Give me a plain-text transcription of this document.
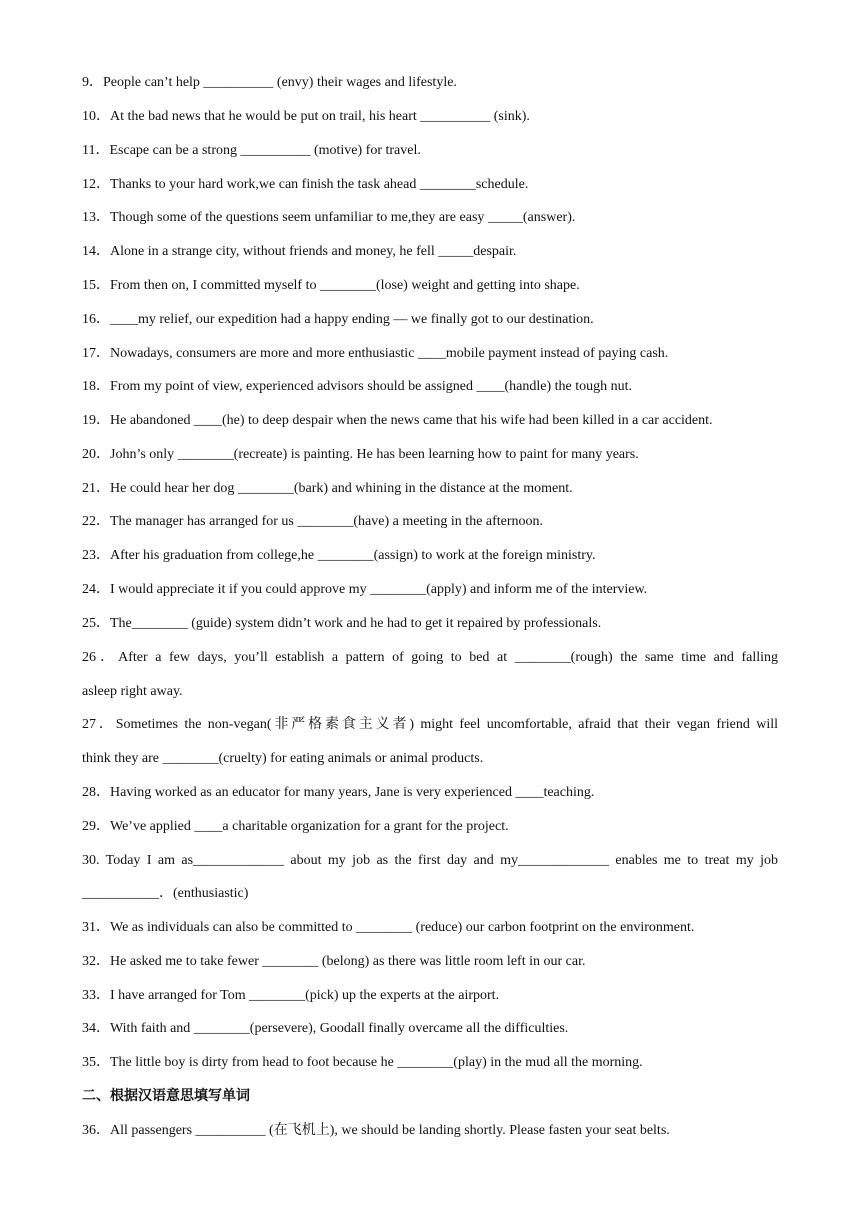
9．People can’t help __________ (envy) their wages and lifestyle.
10．At the bad news that he would be put on trail, his heart __________ (sink).
11．Escape can be a strong __________ (motive) for travel.
12．Thanks to your hard work,we can finish the task ahead ________schedule.
13．Though some of the questions seem unfamiliar to me,they are easy _____(answer).
14．Alone in a strange city, without friends and money, he fell _____despair.
15．From then on, I committed myself to ________(lose) weight and getting into shape.
16．____my relief, our expedition had a happy ending — we finally got to our destination.
17．Nowadays, consumers are more and more enthusiastic ____mobile payment instead of paying cash.
18．From my point of view, experienced advisors should be assigned ____(handle) the tough nut.
19．He abandoned ____(he) to deep despair when the news came that his wife had been killed in a car accident.
20．John’s only ________(recreate) is painting. He has been learning how to paint for many years.
21．He could hear her dog ________(bark) and whining in the distance at the moment.
22．The manager has arranged for us ________(have) a meeting in the afternoon.
23．After his graduation from college,he ________(assign) to work at the foreign ministry.
24．I would appreciate it if you could approve my ________(apply) and inform me of the interview.
25．The________ (guide) system didn’t work and he had to get it repaired by professionals.
26．After a few days, you’ll establish a pattern of going to bed at ________(rough) the same time and falling
asleep right away.
27．Sometimes the non-vegan(非严格素食主义者) might feel uncomfortable, afraid that their vegan friend will
think they are ________(cruelty) for eating animals or animal products.
28．Having worked as an educator for many years, Jane is very experienced ____teaching.
29．We’ve applied ____a charitable organization for a grant for the project.
30. Today I am as_____________ about my job as the first day and my_____________ enables me to treat my job
___________．(enthusiastic)
31．We as individuals can also be committed to ________ (reduce) our carbon footprint on the environment.
32．He asked me to take fewer ________ (belong) as there was little room left in our car.
33．I have arranged for Tom ________(pick) up the experts at the airport.
34．With faith and ________(persevere), Goodall finally overcame all the difficulties.
35．The little boy is dirty from head to foot because he ________(play) in the mud all the morning.
二、根据汉语意思填写单词
36．All passengers __________ (在飞机上), we should be landing shortly. Please fasten your seat belts.
